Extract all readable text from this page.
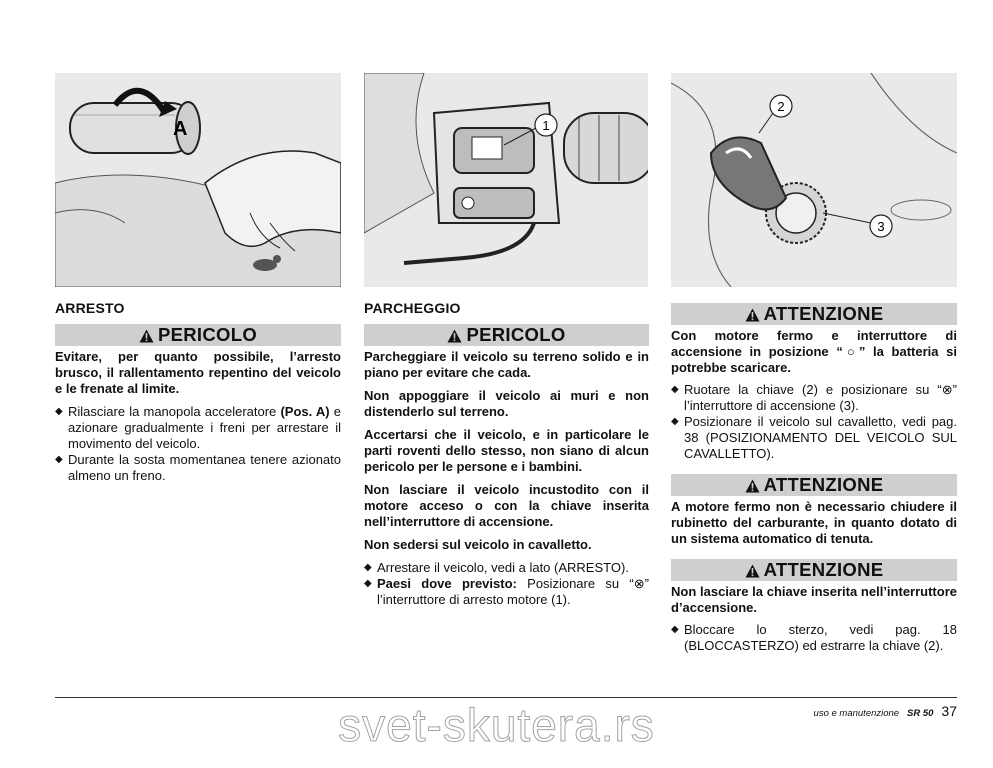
A	1
2
3
ARRESTO
PERICOLO

Evitare, per quanto possibile, l’arresto brusco, il rallentamento repentino del veicolo e le frenate al limite.

◆ Rilasciare la manopola acceleratore (Pos. A) e azionare gradualmente i freni per arrestare il movimento del veicolo.
◆ Durante la sosta momentanea tenere azionato almeno un freno.
PARCHEGGIO
PERICOLO

Parcheggiare il veicolo su terreno solido e in piano per evitare che cada.

Non appoggiare il veicolo ai muri e non distenderlo sul terreno.

Accertarsi che il veicolo, e in particolare le parti roventi dello stesso, non siano di alcun pericolo per le persone e i bambini.

Non lasciare il veicolo incustodito con il motore acceso o con la chiave inserita nell’interruttore di accensione.

Non sedersi sul veicolo in cavalletto.

◆ Arrestare il veicolo, vedi a lato (ARRESTO).
◆ Paesi dove previsto: Posizionare su “⊗” l’interruttore di arresto motore (1).
ATTENZIONE

Con motore fermo e interruttore di accensione in posizione “○” la batteria si potrebbe scaricare.

◆ Ruotare la chiave (2) e posizionare su “⊗” l’interruttore di accensione (3).
◆ Posizionare il veicolo sul cavalletto, vedi pag. 38 (POSIZIONAMENTO DEL VEICOLO SUL CAVALLETTO).
ATTENZIONE

A motore fermo non è necessario chiudere il rubinetto del carburante, in quanto dotato di un sistema automatico di tenuta.

ATTENZIONE

Non lasciare la chiave inserita nell’interruttore d’accensione.

◆ Bloccare lo sterzo, vedi pag. 18 (BLOCCASTERZO) ed estrarre la chiave (2).
svet-skutera.rs	uso e manutenzione SR 50 37
